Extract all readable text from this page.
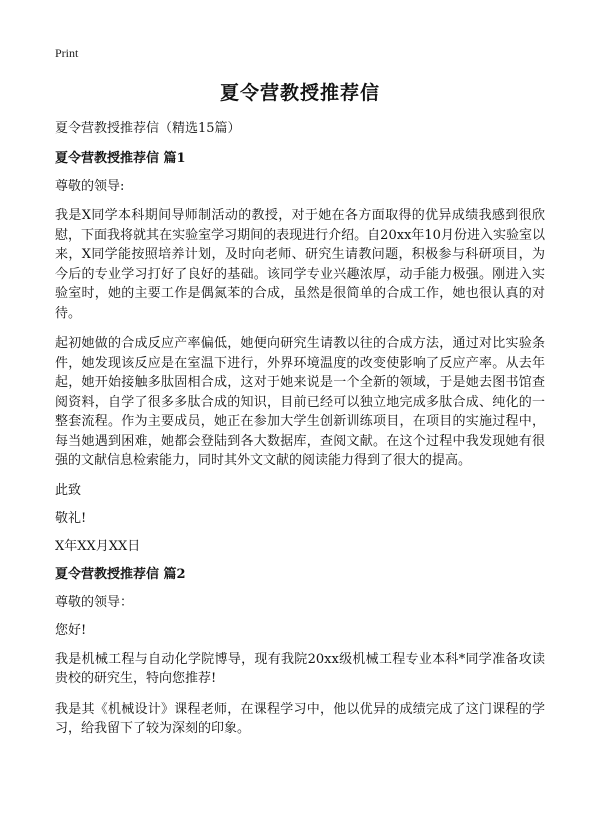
Print
夏令营教授推荐信
夏令营教授推荐信（精选15篇）
夏令营教授推荐信 篇1
尊敬的领导:

我是X同学本科期间导师制活动的教授，对于她在各方面取得的优异成绩我感到很欣慰，下面我将就其在实验室学习期间的表现进行介绍。自20xx年10月份进入实验室以来，X同学能按照培养计划，及时向老师、研究生请教问题，积极参与科研项目，为今后的专业学习打好了良好的基础。该同学专业兴趣浓厚，动手能力极强。刚进入实验室时，她的主要工作是偶氮苯的合成，虽然是很简单的合成工作，她也很认真的对待。

起初她做的合成反应产率偏低，她便向研究生请教以往的合成方法，通过对比实验条件，她发现该反应是在室温下进行，外界环境温度的改变使影响了反应产率。从去年起，她开始接触多肽固相合成，这对于她来说是一个全新的领域，于是她去图书馆查阅资料，自学了很多多肽合成的知识，目前已经可以独立地完成多肽合成、纯化的一整套流程。作为主要成员，她正在参加大学生创新训练项目，在项目的实施过程中，每当她遇到困难，她都会登陆到各大数据库，查阅文献。在这个过程中我发现她有很强的文献信息检索能力，同时其外文文献的阅读能力得到了很大的提高。

此致
敬礼!
X年XX月XX日
夏令营教授推荐信 篇2
尊敬的领导：
您好!

我是机械工程与自动化学院博导，现有我院20xx级机械工程专业本科*同学准备攻读贵校的研究生，特向您推荐!

我是其《机械设计》课程老师，在课程学习中，他以优异的成绩完成了这门课程的学习，给我留下了较为深刻的印象。
